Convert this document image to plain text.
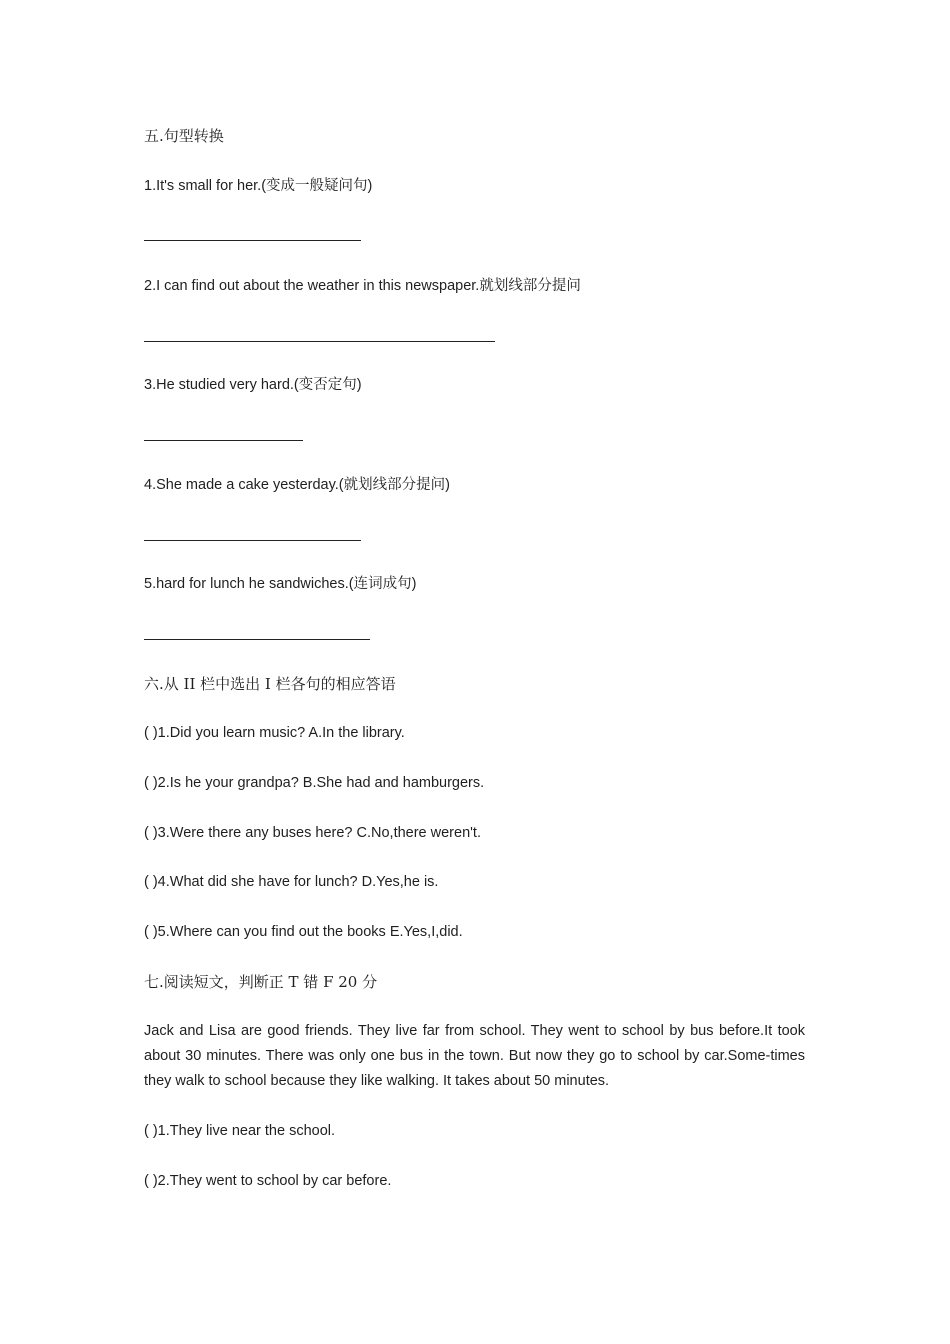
五.句型转换
1.It's small for her.(变成一般疑问句)
2.I can find out about the weather in this newspaper.就划线部分提问
3.He studied very hard.(变否定句)
4.She made a cake yesterday.(就划线部分提问)
5.hard for lunch he sandwiches.(连词成句)
六.从 II 栏中选出 I 栏各句的相应答语
( )1.Did you learn music? A.In the library.
( )2.Is he your grandpa? B.She had and hamburgers.
( )3.Were there any buses here? C.No,there weren't.
( )4.What did she have for lunch? D.Yes,he is.
( )5.Where can you find out the books E.Yes,I,did.
七.阅读短文，判断正 T 错 F 20 分
Jack and Lisa are good friends. They live far from school. They went to school by bus before.It took about 30 minutes. There was only one bus in the town. But now they go to school by car.Some-times they walk to school because they like walking. It takes about 50 minutes.
( )1.They live near the school.
( )2.They went to school by car before.
